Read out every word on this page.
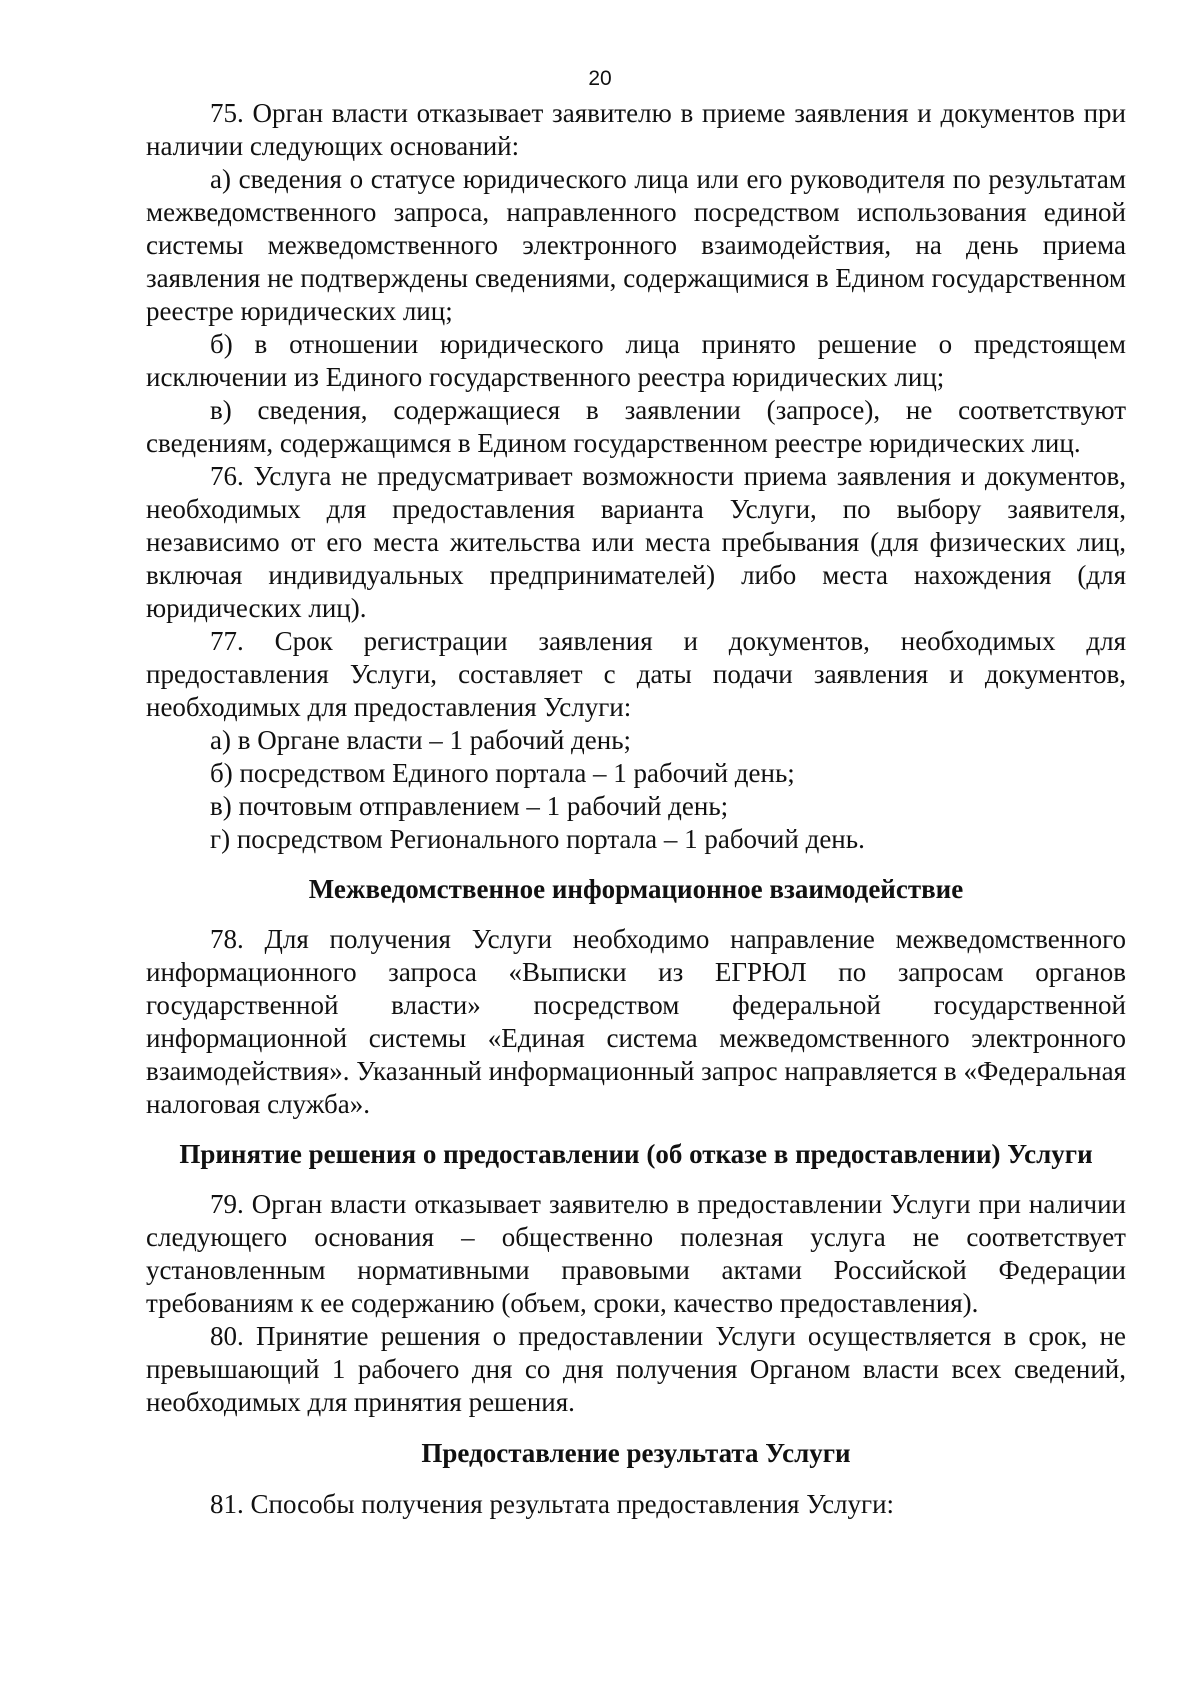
20

75. Орган власти отказывает заявителю в приеме заявления и документов при наличии следующих оснований:

а) сведения о статусе юридического лица или его руководителя по результатам межведомственного запроса, направленного посредством использования единой системы межведомственного электронного взаимодействия, на день приема заявления не подтверждены сведениями, содержащимися в Едином государственном реестре юридических лиц;

б) в отношении юридического лица принято решение о предстоящем исключении из Единого государственного реестра юридических лиц;

в) сведения, содержащиеся в заявлении (запросе), не соответствуют сведениям, содержащимся в Едином государственном реестре юридических лиц.

76. Услуга не предусматривает возможности приема заявления и документов, необходимых для предоставления варианта Услуги, по выбору заявителя, независимо от его места жительства или места пребывания (для физических лиц, включая индивидуальных предпринимателей) либо места нахождения (для юридических лиц).

77. Срок регистрации заявления и документов, необходимых для предоставления Услуги, составляет с даты подачи заявления и документов, необходимых для предоставления Услуги:

а) в Органе власти – 1 рабочий день;

б) посредством Единого портала – 1 рабочий день;

в) почтовым отправлением – 1 рабочий день;

г) посредством Регионального портала – 1 рабочий день.

Межведомственное информационное взаимодействие

78. Для получения Услуги необходимо направление межведомственного информационного запроса «Выписки из ЕГРЮЛ по запросам органов государственной власти» посредством федеральной государственной информационной системы «Единая система межведомственного электронного взаимодействия». Указанный информационный запрос направляется в «Федеральная налоговая служба».

Принятие решения о предоставлении (об отказе в предоставлении) Услуги

79. Орган власти отказывает заявителю в предоставлении Услуги при наличии следующего основания – общественно полезная услуга не соответствует установленным нормативными правовыми актами Российской Федерации требованиям к ее содержанию (объем, сроки, качество предоставления).

80. Принятие решения о предоставлении Услуги осуществляется в срок, не превышающий 1 рабочего дня со дня получения Органом власти всех сведений, необходимых для принятия решения.

Предоставление результата Услуги

81. Способы получения результата предоставления Услуги:
